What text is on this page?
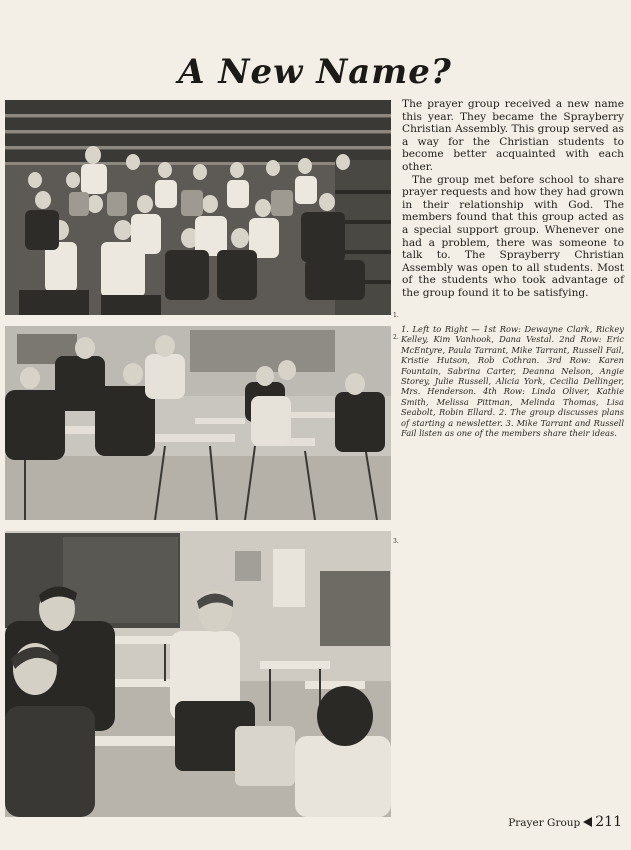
A New Name?
1.
2.
3.

The prayer group received a new name this year. They became the Sprayberry Christian Assembly. This group served as a way for the Christian students to become better acquainted with each other.

The group met before school to share prayer requests and how they had grown in their relationship with God. The members found that this group acted as a special support group. Whenever one had a problem, there was someone to talk to. The Sprayberry Christian Assembly was open to all students. Most of the students who took advantage of the group found it to be satisfying.

1. Left to Right — 1st Row: Dewayne Clark, Rickey Kelley, Kim Vanhook, Dana Vestal. 2nd Row: Eric McEntyre, Paula Tarrant, Mike Tarrant, Russell Fail, Kristie Hutson, Rob Cothran. 3rd Row: Karen Fountain, Sabrina Carter, Deanna Nelson, Angie Storey, Julie Russell, Alicia York, Cecilia Dellinger, Mrs. Henderson. 4th Row: Linda Oliver, Kathie Smith, Melissa Pittman, Melinda Thomas, Lisa Seabolt, Robin Ellard. 2. The group discusses plans of starting a newsletter. 3. Mike Tarrant and Russell Fail listen as one of the members share their ideas.
Prayer Group 211
